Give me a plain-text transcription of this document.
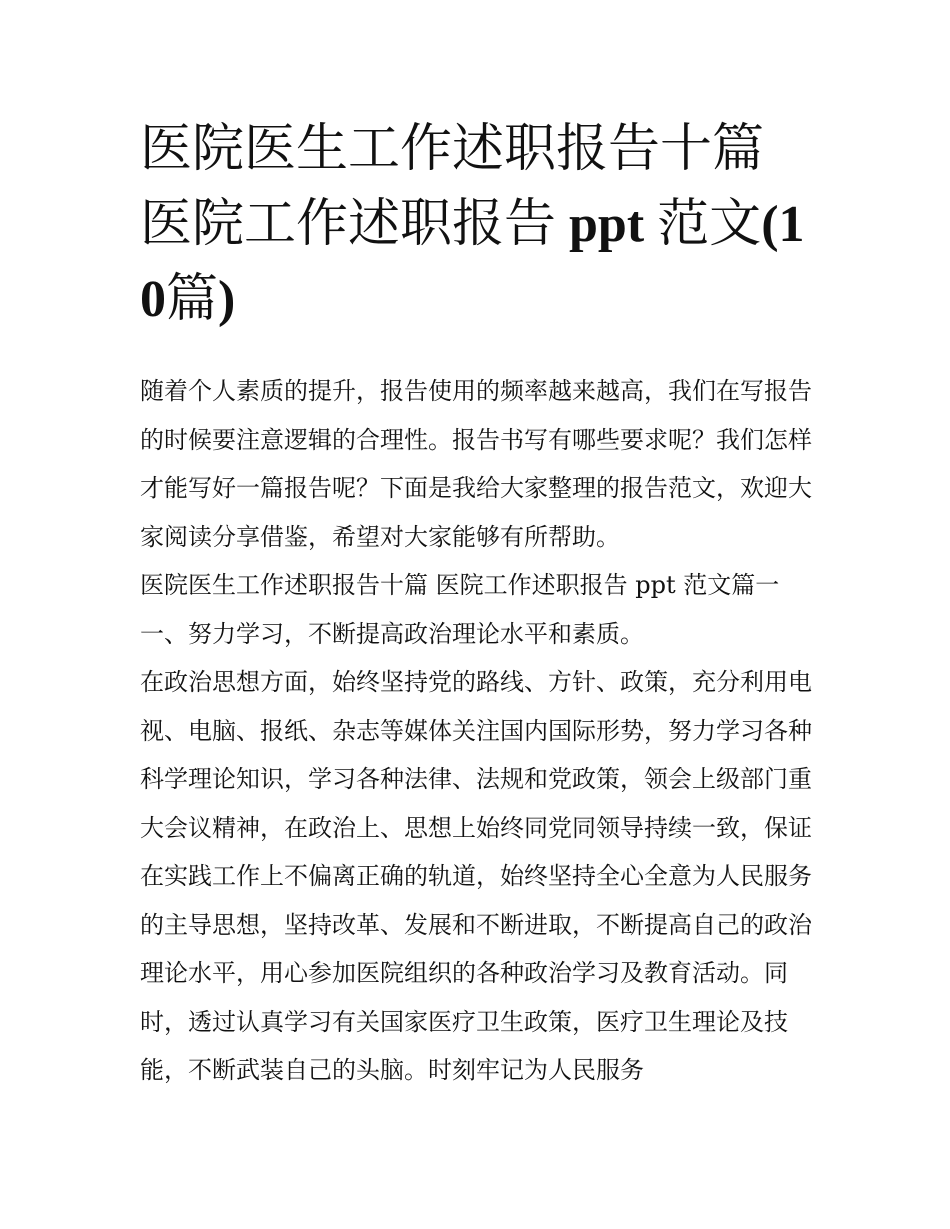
医院医生工作述职报告十篇 医院工作述职报告 ppt 范文(10篇)

随着个人素质的提升，报告使用的频率越来越高，我们在写报告的时候要注意逻辑的合理性。报告书写有哪些要求呢？我们怎样才能写好一篇报告呢？下面是我给大家整理的报告范文，欢迎大家阅读分享借鉴，希望对大家能够有所帮助。

医院医生工作述职报告十篇 医院工作述职报告 ppt 范文篇一

一、努力学习，不断提高政治理论水平和素质。

在政治思想方面，始终坚持党的路线、方针、政策，充分利用电视、电脑、报纸、杂志等媒体关注国内国际形势，努力学习各种科学理论知识，学习各种法律、法规和党政策，领会上级部门重大会议精神，在政治上、思想上始终同党同领导持续一致，保证在实践工作上不偏离正确的轨道，始终坚持全心全意为人民服务的主导思想，坚持改革、发展和不断进取，不断提高自己的政治理论水平，用心参加医院组织的各种政治学习及教育活动。同时，透过认真学习有关国家医疗卫生政策，医疗卫生理论及技能，不断武装自己的头脑。时刻牢记为人民服务
